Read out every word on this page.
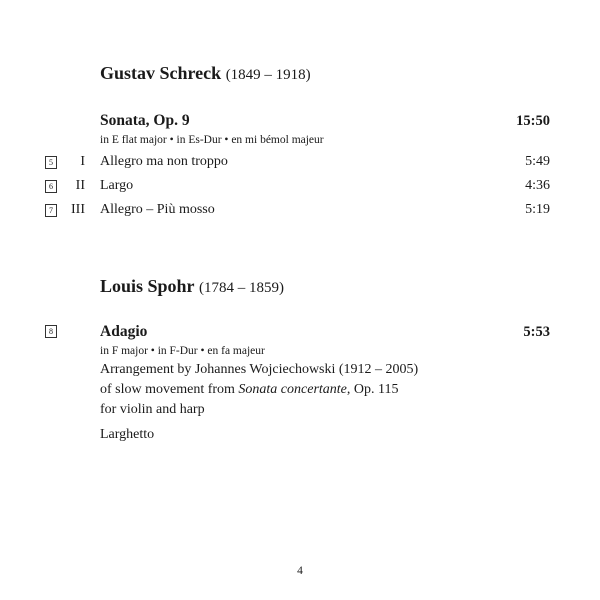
Gustav Schreck (1849 – 1918)
Sonata, Op. 9	15:50
in E flat major • in Es-Dur • en mi bémol majeur
5 I Allegro ma non troppo	5:49
6 II Largo	4:36
7 III Allegro – Più mosso	5:19
Louis Spohr (1784 – 1859)
8	Adagio	5:53
in F major • in F-Dur • en fa majeur
Arrangement by Johannes Wojciechowski (1912 – 2005)
of slow movement from Sonata concertante, Op. 115
for violin and harp
Larghetto
4
